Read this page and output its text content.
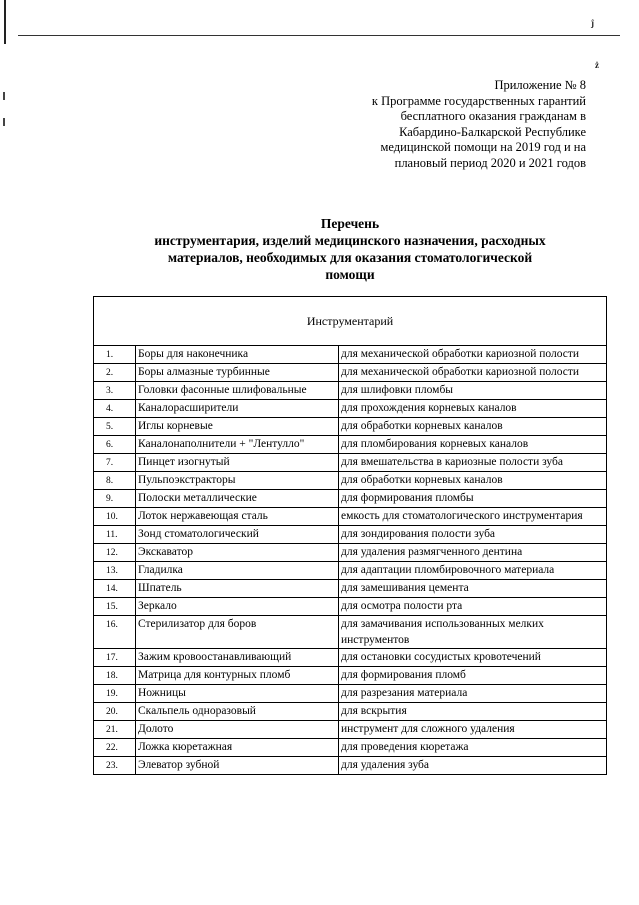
ĵ
ż
Приложение № 8
к Программе государственных гарантий
бесплатного оказания гражданам в
Кабардино-Балкарской Республике
медицинской помощи на 2019 год и на
плановый период 2020 и 2021 годов
Перечень
инструментария, изделий медицинского назначения, расходных
материалов, необходимых для оказания стоматологической
помощи
Инструментарий		
1.	Боры для наконечника	для механической обработки кариозной полости
2.	Боры алмазные турбинные	для механической обработки кариозной полости
3.	Головки фасонные шлифовальные	для шлифовки пломбы
4.	Каналорасширители	для прохождения корневых каналов
5.	Иглы корневые	для обработки корневых каналов
6.	Каналонаполнители + "Лентулло"	для пломбирования корневых каналов
7.	Пинцет изогнутый	для вмешательства в кариозные полости зуба
8.	Пульпоэкстракторы	для обработки корневых каналов
9.	Полоски металлические	для формирования пломбы
10.	Лоток нержавеющая сталь	емкость для стоматологического инструментария
11.	Зонд стоматологический	для зондирования полости зуба
12.	Экскаватор	для удаления размягченного дентина
13.	Гладилка	для адаптации пломбировочного материала
14.	Шпатель	для замешивания цемента
15.	Зеркало	для осмотра полости рта
16.	Стерилизатор для боров	для замачивания использованных мелких инструментов
17.	Зажим кровоостанавливающий	для остановки сосудистых кровотечений
18.	Матрица для контурных пломб	для формирования пломб
19.	Ножницы	для разрезания материала
20.	Скальпель одноразовый	для вскрытия
21.	Долото	инструмент для сложного удаления
22.	Ложка кюретажная	для проведения кюретажа
23.	Элеватор зубной	для удаления зуба
